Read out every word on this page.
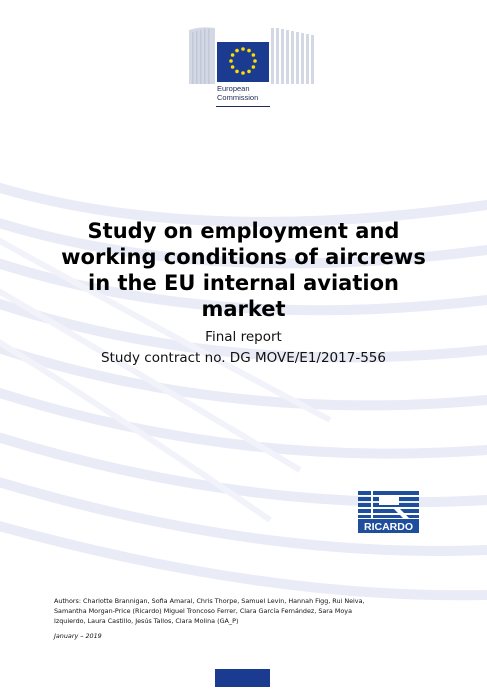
European
Commission
Study on employment and
working conditions of aircrews
in the EU internal aviation
market
Final report
Study contract no. DG MOVE/E1/2017-556
RICARDO
Authors: Charlotte Brannigan, Sofia Amaral, Chris Thorpe, Samuel Levin, Hannah Figg, Rui Neiva,
Samantha Morgan-Price (Ricardo) Miguel Troncoso Ferrer, Clara García Fernández, Sara Moya
Izquierdo, Laura Castillo, Jesús Tallos, Clara Molina (GA_P)
January – 2019
